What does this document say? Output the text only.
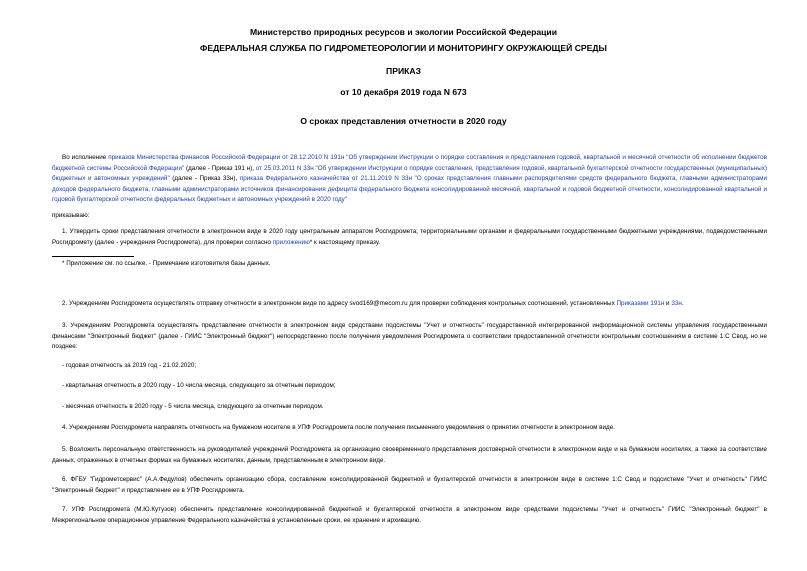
Министерство природных ресурсов и экологии Российской Федерации
ФЕДЕРАЛЬНАЯ СЛУЖБА ПО ГИДРОМЕТЕОРОЛОГИИ И МОНИТОРИНГУ ОКРУЖАЮЩЕЙ СРЕДЫ
ПРИКАЗ
от 10 декабря 2019 года N 673
О сроках представления отчетности в 2020 году
Во исполнение приказов Министерства финансов Российской Федерации от 28.12.2010 N 191н "Об утверждении Инструкции о порядке составления и представления годовой, квартальной и месячной отчетности об исполнении бюджетов бюджетной системы Российской Федерации" (далее - Приказ 191 н), от 25.03.2011 N 33н "Об утверждении Инструкции о порядке составления, представления годовой, квартальной бухгалтерской отчетности государственных (муниципальных) бюджетных и автономных учреждений" (далее - Приказ 33н), приказа Федерального казначейства от 21.11.2019 N 33н "О сроках представления главными распорядителями средств федерального бюджета, главными администраторами доходов федерального бюджета, главными администраторами источников финансирования дефицита федерального бюджета консолидированной месячной, квартальной и годовой бюджетной отчетности, консолидированной квартальной и годовой бухгалтерской отчетности федеральных бюджетных и автономных учреждений в 2020 году"
приказываю:
1. Утвердить сроки представления отчетности в электронном виде в 2020 году центральным аппаратом Росгидромета, территориальными органами и федеральными государственными бюджетными учреждениями, подведомственными Росгидромету (далее - учреждения Росгидромета), для проверки согласно приложению* к настоящему приказу.
* Приложение см. по ссылке. - Примечание изготовителя базы данных.
2. Учреждениям Росгидромета осуществлять отправку отчетности в электронном виде по адресу svod169@mecom.ru для проверки соблюдения контрольных соотношений, установленных Приказами 191н и 33н.
3. Учреждениям Росгидромета осуществлять представление отчетности в электронном виде средствами подсистемы "Учет и отчетность" государственной интегрированной информационной системы управления государственными финансами "Электронный бюджет" (далее - ГИИС "Электронный бюджет") непосредственно после получения уведомления Росгидромета о соответствии предоставленной отчетности контрольным соотношениям в системе 1:С Свод, но не позднее:
- годовая отчетность за 2019 год - 21.02.2020;
- квартальная отчетность в 2020 году - 10 числа месяца, следующего за отчетным периодом;
- месячная отчетность в 2020 году - 5 числа месяца, следующего за отчетным периодом.
4. Учреждениям Росгидромета направлять отчетность на бумажном носителе в УПФ Росгидромета после получения письменного уведомления о принятии отчетности в электронном виде.
5. Возложить персональную ответственность на руководителей учреждений Росгидромета за организацию своевременного представления достоверной отчетности в электронном виде и на бумажном носителях, а также за соответствие данных, отраженных в отчетных формах на бумажных носителях, данным, представленным в электронном виде.
6. ФГБУ "Гидрометсервис" (А.А.Федулов) обеспечить организацию сбора, составление консолидированной бюджетной и бухгалтерской отчетности в электронном виде в системе 1:С Свод и подсистеме "Учет и отчетность" ГИИС "Электронный бюджет" и представление ее в УПФ Росгидромета.
7. УПФ Росгидромета (М.Ю.Кутузов) обеспечить представление консолидированной бюджетной и бухгалтерской отчетности в электронном виде средствами подсистемы "Учет и отчетность" ГИИС "Электронный бюджет" в Межрегиональное операционное управление Федерального казначейства в установленные сроки, ее хранение и архивацию.
